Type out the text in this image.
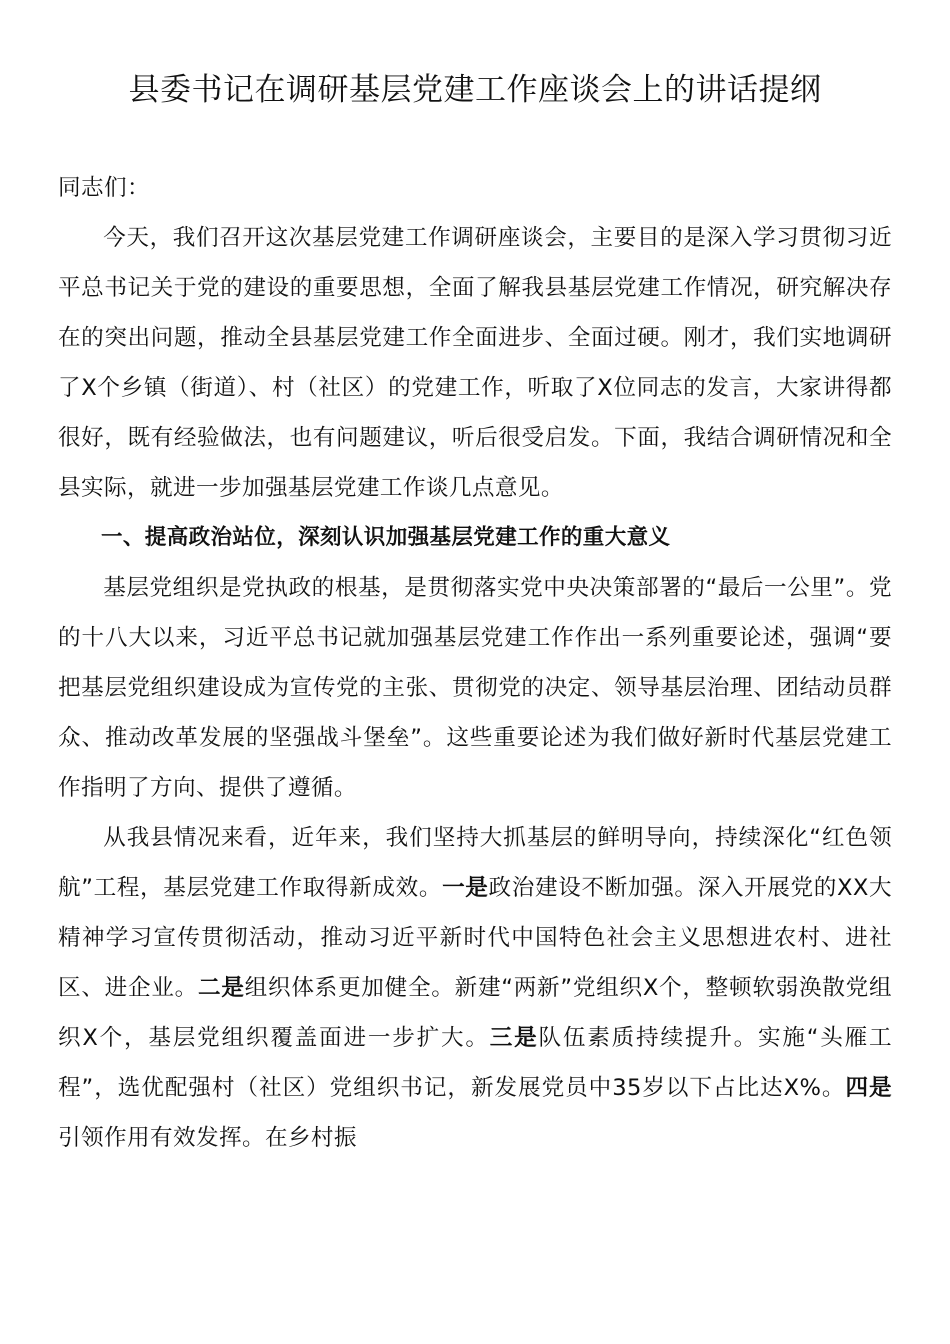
县委书记在调研基层党建工作座谈会上的讲话提纲

同志们：

今天，我们召开这次基层党建工作调研座谈会，主要目的是深入学习贯彻习近平总书记关于党的建设的重要思想，全面了解我县基层党建工作情况，研究解决存在的突出问题，推动全县基层党建工作全面进步、全面过硬。刚才，我们实地调研了X个乡镇（街道）、村（社区）的党建工作，听取了X位同志的发言，大家讲得都很好，既有经验做法，也有问题建议，听后很受启发。下面，我结合调研情况和全县实际，就进一步加强基层党建工作谈几点意见。

一、提高政治站位，深刻认识加强基层党建工作的重大意义

基层党组织是党执政的根基，是贯彻落实党中央决策部署的“最后一公里”。党的十八大以来，习近平总书记就加强基层党建工作作出一系列重要论述，强调“要把基层党组织建设成为宣传党的主张、贯彻党的决定、领导基层治理、团结动员群众、推动改革发展的坚强战斗堡垒”。这些重要论述为我们做好新时代基层党建工作指明了方向、提供了遵循。

从我县情况来看，近年来，我们坚持大抓基层的鲜明导向，持续深化“红色领航”工程，基层党建工作取得新成效。一是政治建设不断加强。深入开展党的XX大精神学习宣传贯彻活动，推动习近平新时代中国特色社会主义思想进农村、进社区、进企业。二是组织体系更加健全。新建“两新”党组织X个，整顿软弱涣散党组织X个，基层党组织覆盖面进一步扩大。三是队伍素质持续提升。实施“头雁工程”，选优配强村（社区）党组织书记，新发展党员中35岁以下占比达X%。四是引领作用有效发挥。在乡村振
